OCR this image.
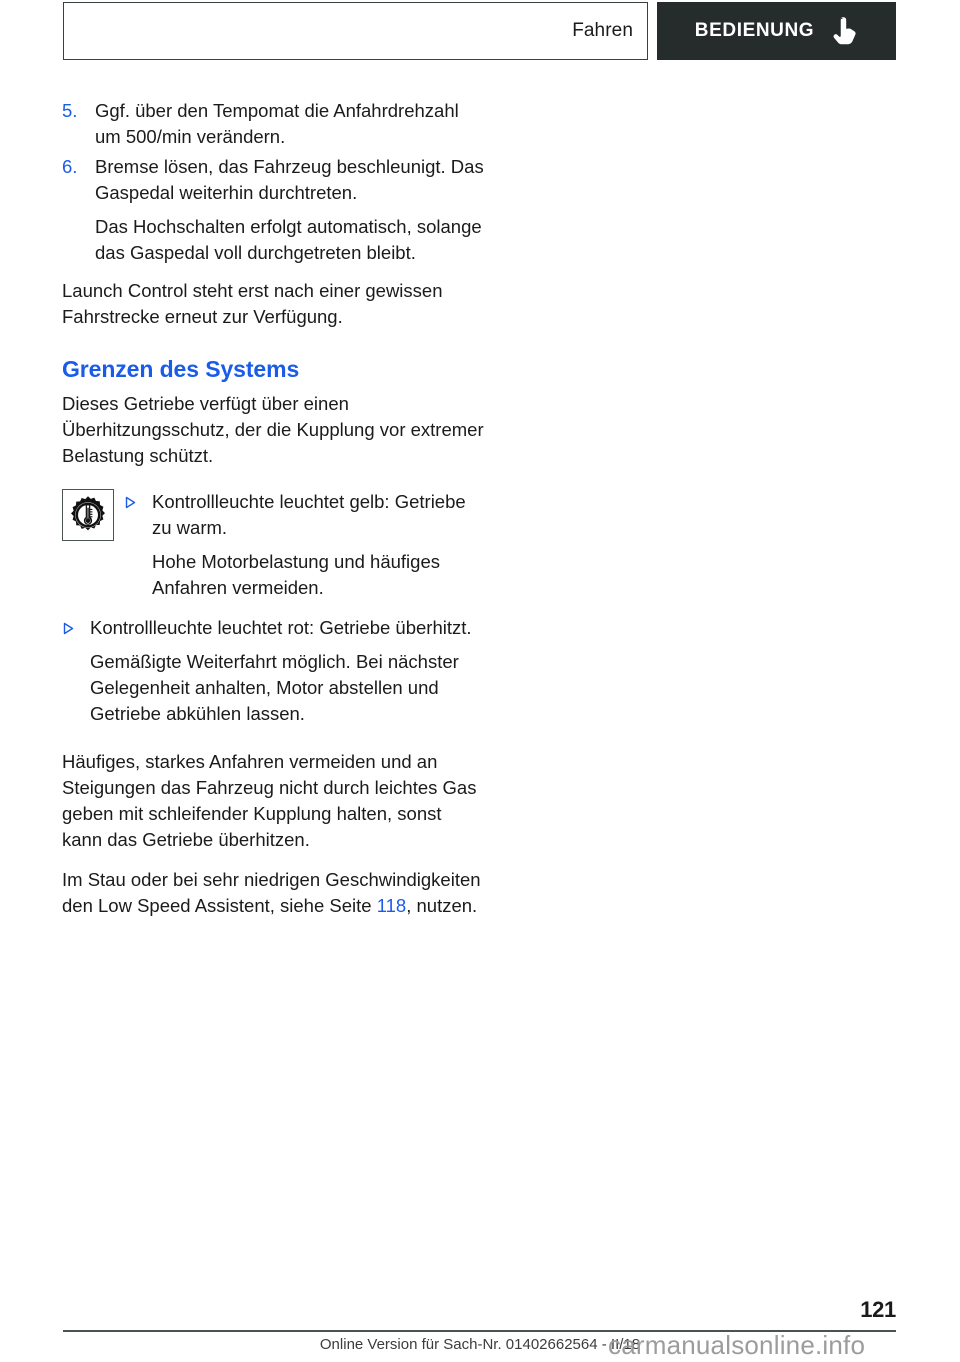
Fahren	BEDIENUNG
5. Ggf. über den Tempomat die Anfahrdrehzahl um 500/min verändern.

6. Bremse lösen, das Fahrzeug beschleunigt. Das Gaspedal weiterhin durchtreten.

Das Hochschalten erfolgt automatisch, solange das Gaspedal voll durchgetreten bleibt.

Launch Control steht erst nach einer gewissen Fahrstrecke erneut zur Verfügung.

Grenzen des Systems

Dieses Getriebe verfügt über einen Überhitzungsschutz, der die Kupplung vor extremer Belastung schützt.

Kontrollleuchte leuchtet gelb: Getriebe zu warm.

Hohe Motorbelastung und häufiges Anfahren vermeiden.

Kontrollleuchte leuchtet rot: Getriebe überhitzt.

Gemäßigte Weiterfahrt möglich. Bei nächster Gelegenheit anhalten, Motor abstellen und Getriebe abkühlen lassen.

Häufiges, starkes Anfahren vermeiden und an Steigungen das Fahrzeug nicht durch leichtes Gas geben mit schleifender Kupplung halten, sonst kann das Getriebe überhitzen.

Im Stau oder bei sehr niedrigen Geschwindigkeiten den Low Speed Assistent, siehe Seite 118, nutzen.

121
Online Version für Sach-Nr. 01402662564 - II/18
carmanualsonline.info
